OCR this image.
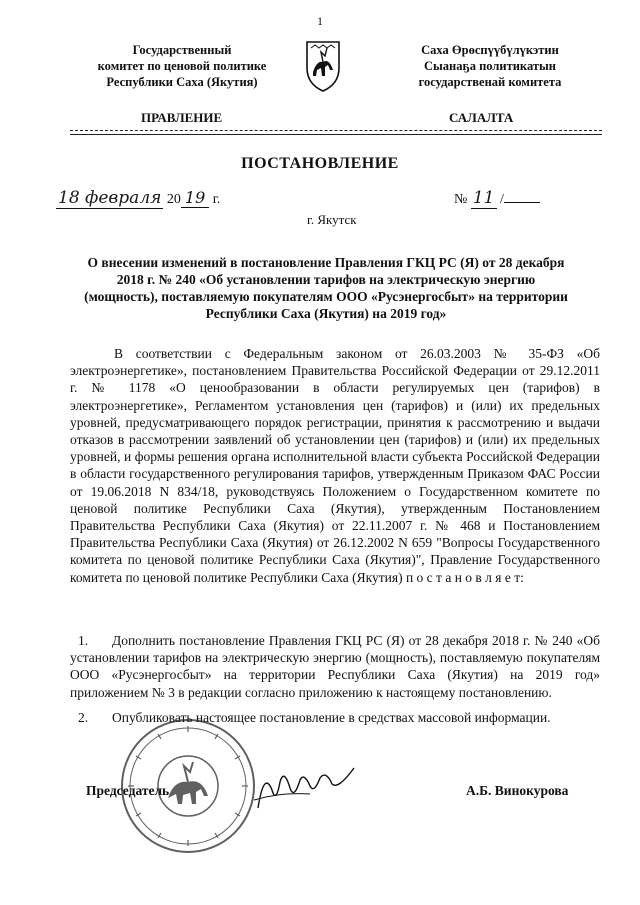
1
Государственный
комитет по ценовой политике
Республики Саха (Якутия)
Саха Өрөспүүбүлүкэтин
Сыанаҕа политикатын
государственай комитета
ПРАВЛЕНИЕ	САЛАЛТА
ПОСТАНОВЛЕНИЕ
18 февраля 20 19 г.	№ 11 /
г. Якутск
О внесении изменений в постановление Правления ГКЦ РС (Я) от 28 декабря 2018 г. № 240 «Об установлении тарифов на электрическую энергию (мощность), поставляемую покупателям ООО «Русэнергосбыт» на территории Республики Саха (Якутия) на 2019 год»
В соответствии с Федеральным законом от 26.03.2003 № 35-ФЗ «Об электроэнергетике», постановлением Правительства Российской Федерации от 29.12.2011 г. № 1178 «О ценообразовании в области регулируемых цен (тарифов) в электроэнергетике», Регламентом установления цен (тарифов) и (или) их предельных уровней, предусматривающего порядок регистрации, принятия к рассмотрению и выдачи отказов в рассмотрении заявлений об установлении цен (тарифов) и (или) их предельных уровней, и формы решения органа исполнительной власти субъекта Российской Федерации в области государственного регулирования тарифов, утвержденным Приказом ФАС России от 19.06.2018 N 834/18, руководствуясь Положением о Государственном комитете по ценовой политике Республики Саха (Якутия), утвержденным Постановлением Правительства Республики Саха (Якутия) от 22.11.2007 г. № 468 и Постановлением Правительства Республики Саха (Якутия) от 26.12.2002 N 659 "Вопросы Государственного комитета по ценовой политике Республики Саха (Якутия)", Правление Государственного комитета по ценовой политике Республики Саха (Якутия) п о с т а н о в л я е т:
1. Дополнить постановление Правления ГКЦ РС (Я) от 28 декабря 2018 г. № 240 «Об установлении тарифов на электрическую энергию (мощность), поставляемую покупателям ООО «Русэнергосбыт» на территории Республики Саха (Якутия) на 2019 год» приложением № 3 в редакции согласно приложению к настоящему постановлению.
2. Опубликовать настоящее постановление в средствах массовой информации.
Председатель	А.Б. Винокурова
